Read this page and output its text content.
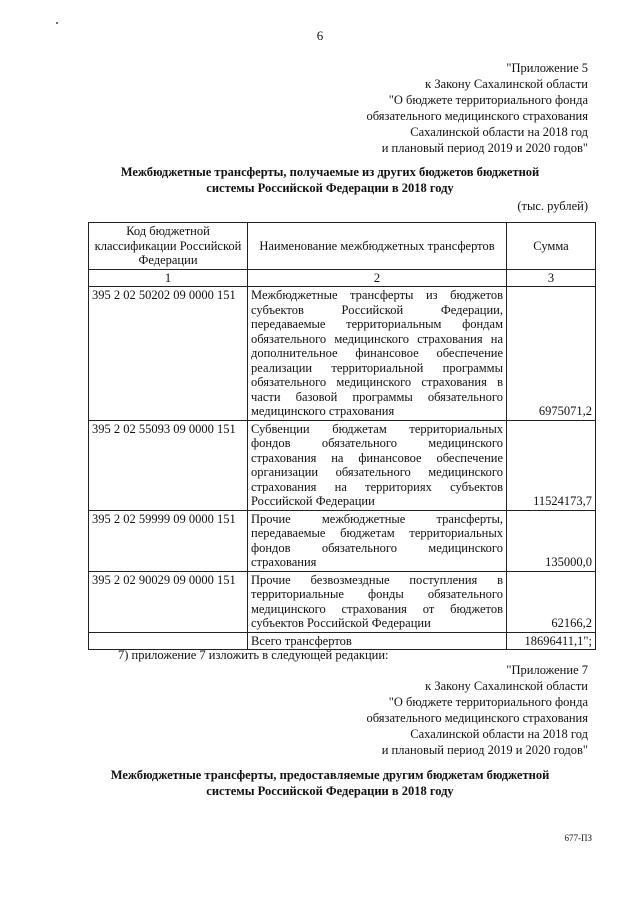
6
"Приложение 5
к Закону Сахалинской области
"О бюджете территориального фонда
обязательного медицинского страхования
Сахалинской области на 2018 год
и плановый период 2019 и 2020 годов"
Межбюджетные трансферты, получаемые из других бюджетов бюджетной
системы Российской Федерации в 2018 году
(тыс. рублей)
Код бюджетной классификации Российской Федерации	Наименование межбюджетных трансфертов	Сумма
1	2	3
395 2 02 50202 09 0000 151	Межбюджетные трансферты из бюджетов субъектов Российской Федерации, передаваемые территориальным фондам обязательного медицинского страхования на дополнительное финансовое обеспечение реализации территориальной программы обязательного медицинского страхования в части базовой программы обязательного медицинского страхования	6975071,2
395 2 02 55093 09 0000 151	Субвенции бюджетам территориальных фондов обязательного медицинского страхования на финансовое обеспечение организации обязательного медицинского страхования на территориях субъектов Российской Федерации	11524173,7
395 2 02 59999 09 0000 151	Прочие межбюджетные трансферты, передаваемые бюджетам территориальных фондов обязательного медицинского страхования	135000,0
395 2 02 90029 09 0000 151	Прочие безвозмездные поступления в территориальные фонды обязательного медицинского страхования от бюджетов субъектов Российской Федерации	62166,2
	Всего трансфертов	18696411,1";
7) приложение 7 изложить в следующей редакции:
"Приложение 7
к Закону Сахалинской области
"О бюджете территориального фонда
обязательного медицинского страхования
Сахалинской области на 2018 год
и плановый период 2019 и 2020 годов"
Межбюджетные трансферты, предоставляемые другим бюджетам бюджетной
системы Российской Федерации в 2018 году
677-ПЗ
